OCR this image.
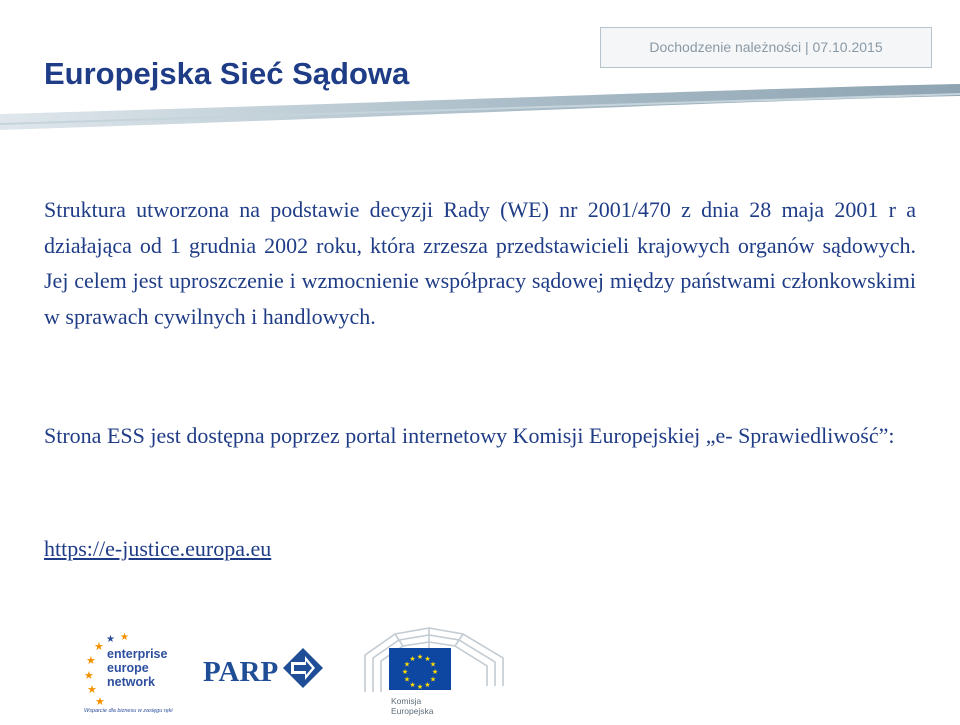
Europejska Sieć Sądowa
Dochodzenie należności | 07.10.2015

Struktura utworzona na podstawie decyzji Rady (WE) nr 2001/470 z dnia 28 maja 2001 r a działająca od 1 grudnia 2002 roku, która zrzesza przedstawicieli krajowych organów sądowych. Jej celem jest uproszczenie i wzmocnienie współpracy sądowej między państwami członkowskimi w sprawach cywilnych i handlowych.

Strona ESS jest dostępna poprzez portal internetowy Komisji Europejskiej „e- Sprawiedliwość”:

https://e-justice.europa.eu
★
★
★
★
★
★ ★
enterprise
europe
network
Wsparcie dla biznesu w zasięgu ręki
PARP	★ ★
★
★
★
★
★
★
★
★
★
★
Komisja
Europejska
